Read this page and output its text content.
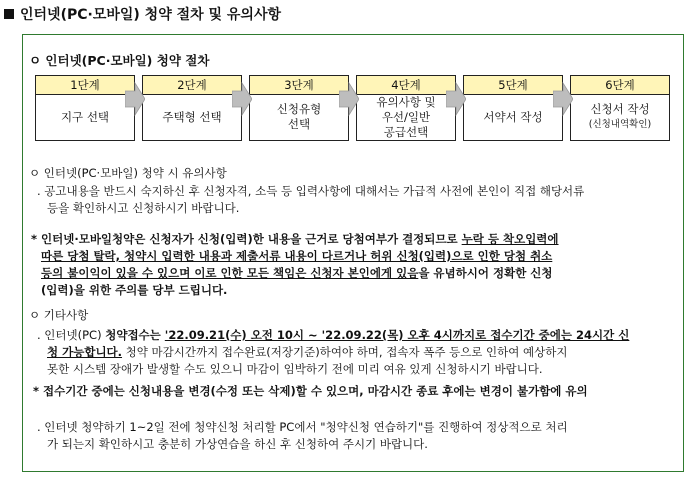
인터넷(PC·모바일) 청약 절차 및 유의사항
ㅇ 인터넷(PC·모바일) 청약 절차
1단계
지구 선택
2단계
주택형 선택
3단계
신청유형
선택
4단계
유의사항 및
우선/일반
공급선택
5단계
서약서 작성
6단계
신청서 작성
(신청내역확인)
ㅇ 인터넷(PC·모바일) 청약 시 유의사항
. 공고내용을 반드시 숙지하신 후 신청자격, 소득 등 입력사항에 대해서는 가급적 사전에 본인이 직접 해당서류
등을 확인하시고 신청하시기 바랍니다.
* 인터넷·모바일청약은 신청자가 신청(입력)한 내용을 근거로 당첨여부가 결정되므로 누락 등 착오입력에
따른 당첨 탈락, 청약시 입력한 내용과 제출서류 내용이 다르거나 허위 신청(입력)으로 인한 당첨 취소
등의 불이익이 있을 수 있으며 이로 인한 모든 책임은 신청자 본인에게 있음을 유념하시어 정확한 신청
(입력)을 위한 주의를 당부 드립니다.
ㅇ 기타사항
. 인터넷(PC) 청약접수는 '22.09.21(수) 오전 10시 ~ '22.09.22(목) 오후 4시까지로 접수기간 중에는 24시간 신
청 가능합니다. 청약 마감시간까지 접수완료(저장기준)하여야 하며, 접속자 폭주 등으로 인하여 예상하지
못한 시스템 장애가 발생할 수도 있으니 마감이 임박하기 전에 미리 여유 있게 신청하시기 바랍니다.
* 접수기간 중에는 신청내용을 변경(수정 또는 삭제)할 수 있으며, 마감시간 종료 후에는 변경이 불가함에 유의
. 인터넷 청약하기 1~2일 전에 청약신청 처리할 PC에서 "청약신청 연습하기"를 진행하여 정상적으로 처리
가 되는지 확인하시고 충분히 가상연습을 하신 후 신청하여 주시기 바랍니다.
